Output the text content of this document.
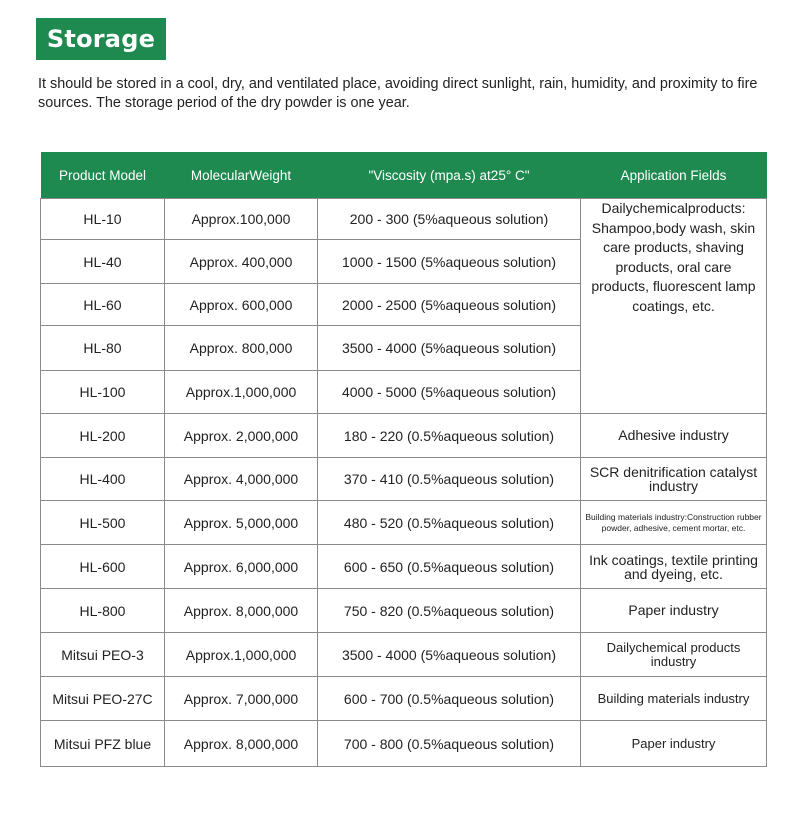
Storage

It should be stored in a cool, dry, and ventilated place, avoiding direct sunlight, rain, humidity, and proximity to fire sources. The storage period of the dry powder is one year.

Product Model	MolecularWeight	"Viscosity (mpa.s) at25° C"	Application Fields
HL-10	Approx.100,000	200 - 300 (5%aqueous solution)	Dailychemicalproducts: Shampoo,body wash, skin care products, shaving products, oral care products, fluorescent lamp coatings, etc.
HL-40	Approx. 400,000	1000 - 1500 (5%aqueous solution)	
HL-60	Approx. 600,000	2000 - 2500 (5%aqueous solution)	
HL-80	Approx. 800,000	3500 - 4000 (5%aqueous solution)	
HL-100	Approx.1,000,000	4000 - 5000 (5%aqueous solution)	
HL-200	Approx. 2,000,000	180 - 220 (0.5%aqueous solution)	Adhesive industry
HL-400	Approx. 4,000,000	370 - 410 (0.5%aqueous solution)	SCR denitrification catalyst industry
HL-500	Approx. 5,000,000	480 - 520 (0.5%aqueous solution)	Building materials industry:Construction rubber powder, adhesive, cement mortar, etc.
HL-600	Approx. 6,000,000	600 - 650 (0.5%aqueous solution)	Ink coatings, textile printing and dyeing, etc.
HL-800	Approx. 8,000,000	750 - 820 (0.5%aqueous solution)	Paper industry
Mitsui PEO-3	Approx.1,000,000	3500 - 4000 (5%aqueous solution)	Dailychemical products industry
Mitsui PEO-27C	Approx. 7,000,000	600 - 700 (0.5%aqueous solution)	Building materials industry
Mitsui PFZ blue	Approx. 8,000,000	700 - 800 (0.5%aqueous solution)	Paper industry
